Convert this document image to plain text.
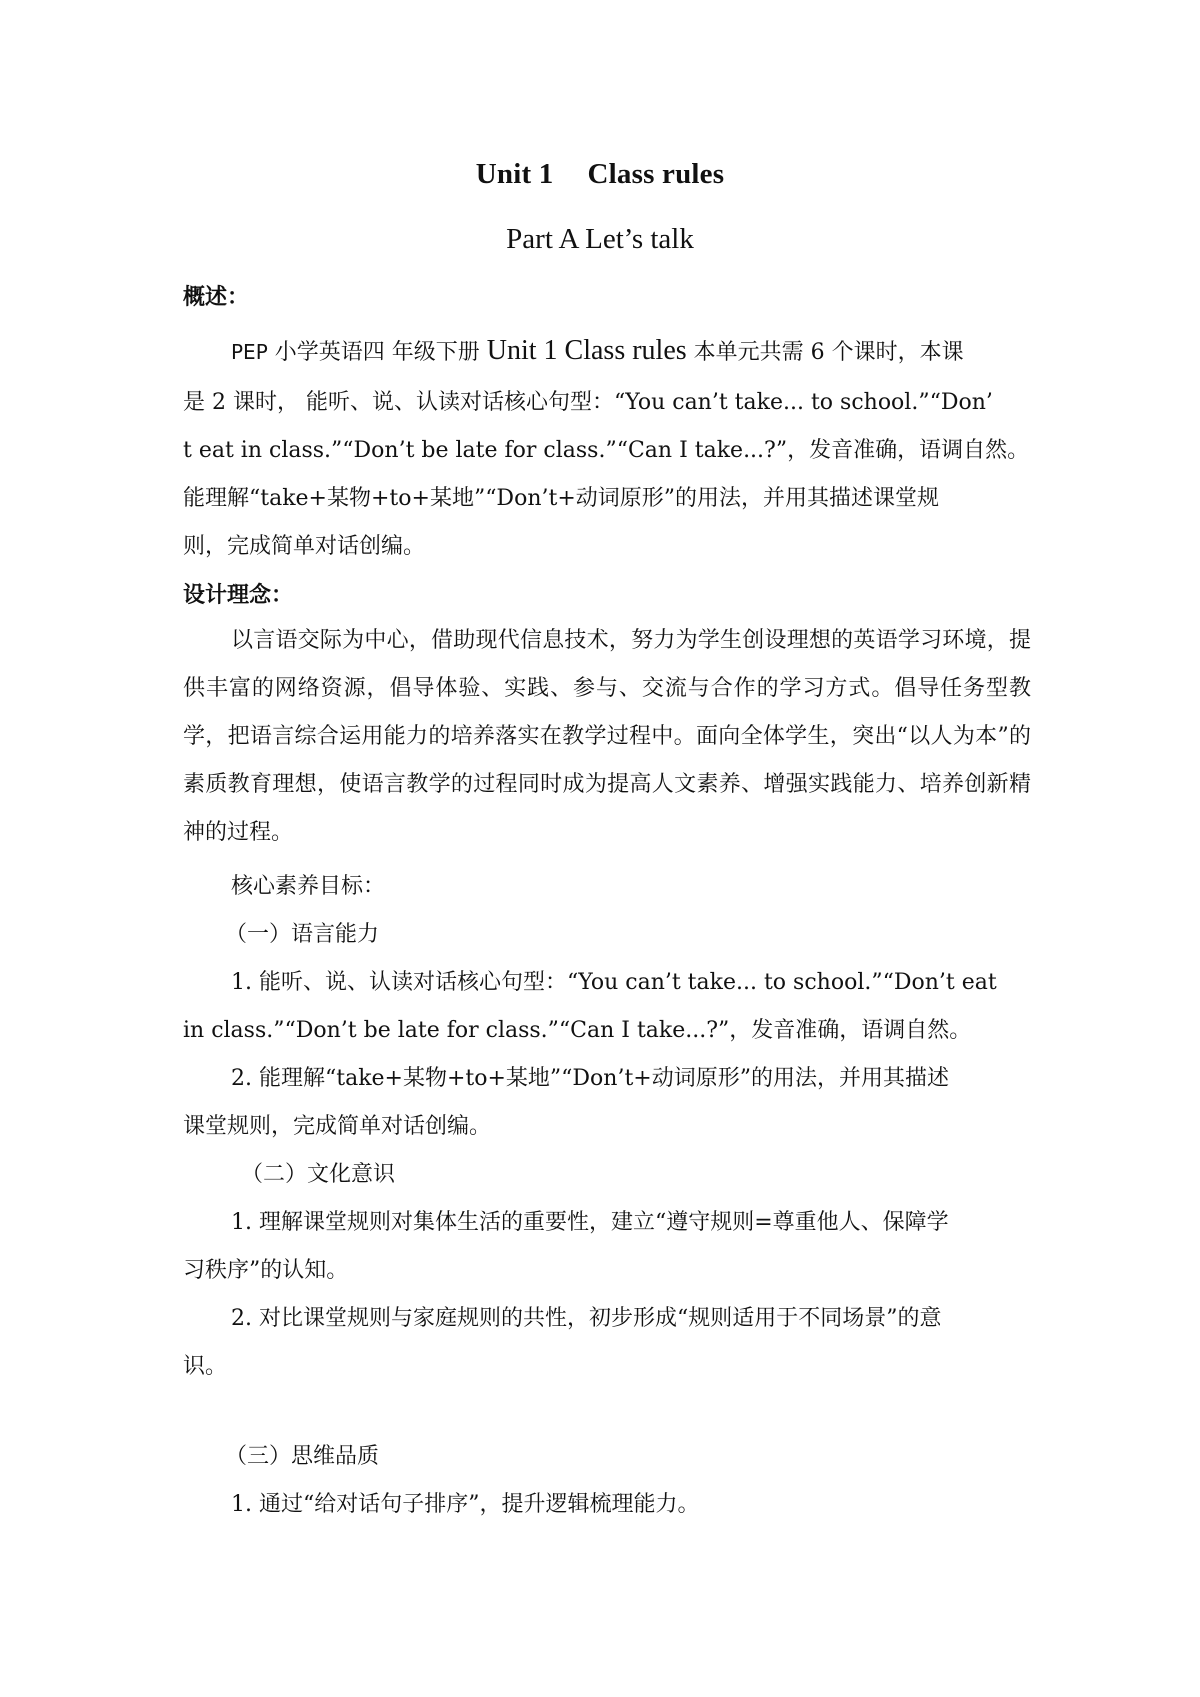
Unit 1 Class rules
Part A Let’s talk

概述：

PEP 小学英语四 年级下册 Unit 1 Class rules 本单元共需 6 个课时，本课

是 2 课时， 能听、说、认读对话核心句型：“You can’t take... to school.”“Don’

t eat in class.”“Don’t be late for class.”“Can I take...?”，发音准确，语调自然。

能理解“take+某物+to+某地”“Don’t+动词原形”的用法，并用其描述课堂规

则，完成简单对话创编。

设计理念：

以言语交际为中心，借助现代信息技术，努力为学生创设理想的英语学习环境，提供丰富的网络资源，倡导体验、实践、参与、交流与合作的学习方式。倡导任务型教学，把语言综合运用能力的培养落实在教学过程中。面向全体学生，突出“以人为本”的素质教育理想，使语言教学的过程同时成为提高人文素养、增强实践能力、培养创新精神的过程。

核心素养目标：

（一）语言能力

1. 能听、说、认读对话核心句型：“You can’t take... to school.”“Don’t eat

in class.”“Don’t be late for class.”“Can I take...?”，发音准确，语调自然。

2. 能理解“take+某物+to+某地”“Don’t+动词原形”的用法，并用其描述

课堂规则，完成简单对话创编。

（二）文化意识

1. 理解课堂规则对集体生活的重要性，建立“遵守规则=尊重他人、保障学

习秩序”的认知。

2. 对比课堂规则与家庭规则的共性，初步形成“规则适用于不同场景”的意

识。

（三）思维品质

1. 通过“给对话句子排序”，提升逻辑梳理能力。
